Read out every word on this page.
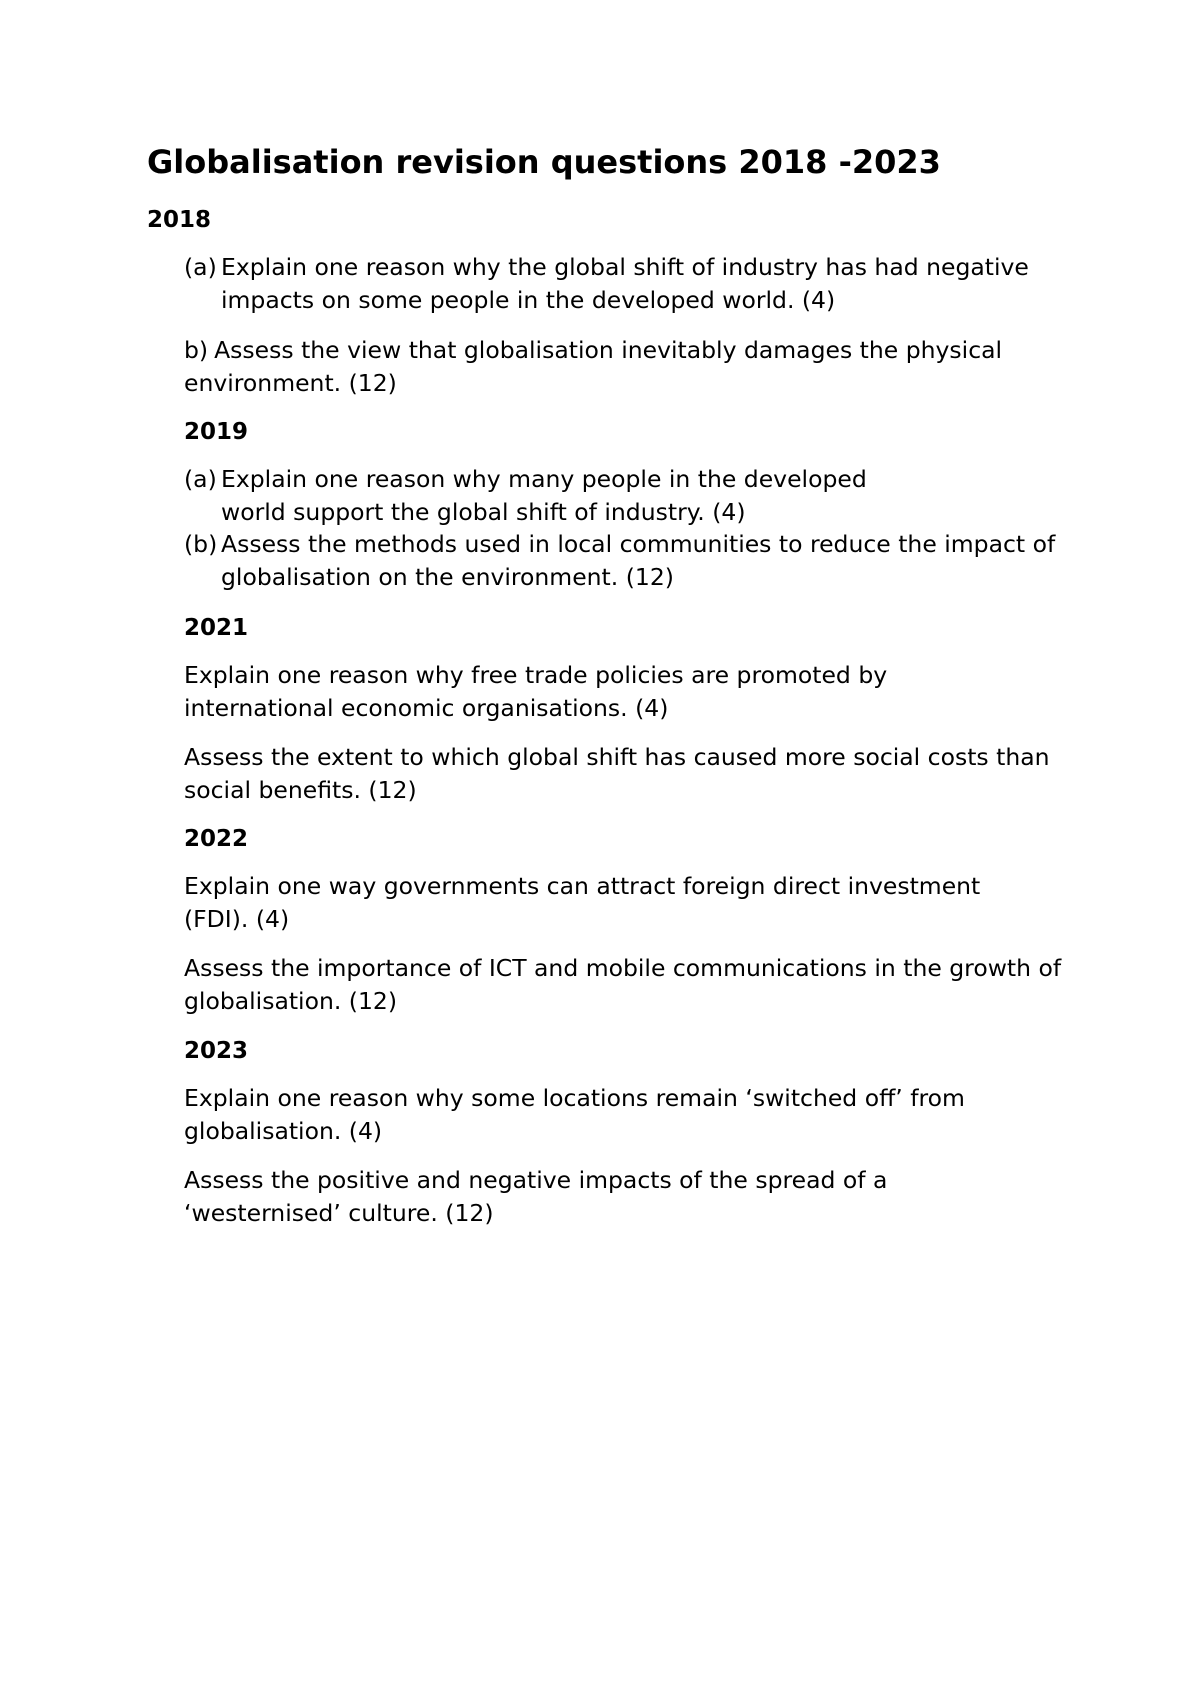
Globalisation revision questions 2018 -2023
2018

(a) Explain one reason why the global shift of industry has had negative impacts on some people in the developed world. (4)

b) Assess the view that globalisation inevitably damages the physical environment. (12)

2019

(a) Explain one reason why many people in the developed world support the global shift of industry. (4)

(b) Assess the methods used in local communities to reduce the impact of globalisation on the environment. (12)

2021

Explain one reason why free trade policies are promoted by international economic organisations. (4)

Assess the extent to which global shift has caused more social costs than social benefits. (12)

2022

Explain one way governments can attract foreign direct investment (FDI). (4)

Assess the importance of ICT and mobile communications in the growth of globalisation. (12)

2023

Explain one reason why some locations remain ‘switched off’ from globalisation. (4)

Assess the positive and negative impacts of the spread of a ‘westernised’ culture. (12)
